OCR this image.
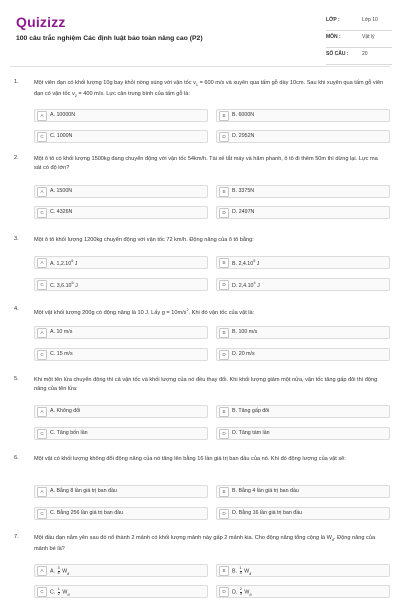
Quizizz
100 câu trắc nghiệm Các định luật bảo toàn nâng cao (P2)
LỚP :	Lớp 10
MÔN :	Vật lý
SỐ CÂU :	20
1.	Một viên đạn có khối lượng 10g bay khỏi nòng súng với vận tốc $v_1 = 600$ m/s và xuyên qua tấm gỗ dày 10cm. Sau khi xuyên qua tấm gỗ viên đạn có vận tốc $v_2 = 400$ m/s. Lực cản trung bình của tấm gỗ là:
A	A. 10000N	B	B. 6000N
C	C. 1000N	D	D. 2952N
2.	Một ô tô có khối lượng 1500kg đang chuyển động với vận tốc 54km/h. Tài xế tắt máy và hãm phanh, ô tô đi thêm 50m thì dừng lại. Lực ma sát có độ lớn?
A	A. 1500N	B	B. 3375N
C	C. 4326N	D	D. 2497N
3.	Một ô tô khối lượng 1200kg chuyển động với vận tốc 72 km/h. Động năng của ô tô bằng:
A	A. 1,2.10$^5$ J	B	B. 2,4.10$^5$ J
C	C. 3,6.10$^5$ J	D	D. 2,4.10$^4$ J
4.
Một vật khối lượng 200g có động năng là 10 J. Lấy $g = 10m/s^2$. Khi đó vận tốc của vật là:
A	A. 10 m/s	B	B. 100 m/s
C	C. 15 m/s	D	D. 20 m/s
5.	Khi một tên lửa chuyển động thì cả vận tốc và khối lượng của nó đều thay đổi. Khi khối lượng giảm một nửa, vận tốc tăng gấp đôi thì động năng của tên lửa:
A	A. Không đổi	B	B. Tăng gấp đôi
C	C. Tăng bốn lần	D	D. Tăng tám lần
6.	Một vật có khối lượng không đổi động năng của nó tăng lên bằng 16 lần giá trị ban đầu của nó. Khi đó động lượng của vật sẽ:
A	A. Bằng 8 lần giá trị ban đầu	B	B. Bằng 4 lần giá trị ban đầu
C	C. Bằng 256 lần giá trị ban đầu	D	D. Bằng 16 lần giá trị ban đầu
7.	Một đầu đạn nằm yên sau đó nổ thành 2 mảnh có khối lượng mảnh này gấp 2 mảnh kia. Cho động năng tổng cộng là $W_đ$. Động năng của mảnh bé là?
A	A. $\frac{3}{4} W_đ$
B	B. $\frac{1}{3} W_đ$
C	C. $\frac{1}{2} W_đ$
D	D. $\frac{2}{3} W_đ$
